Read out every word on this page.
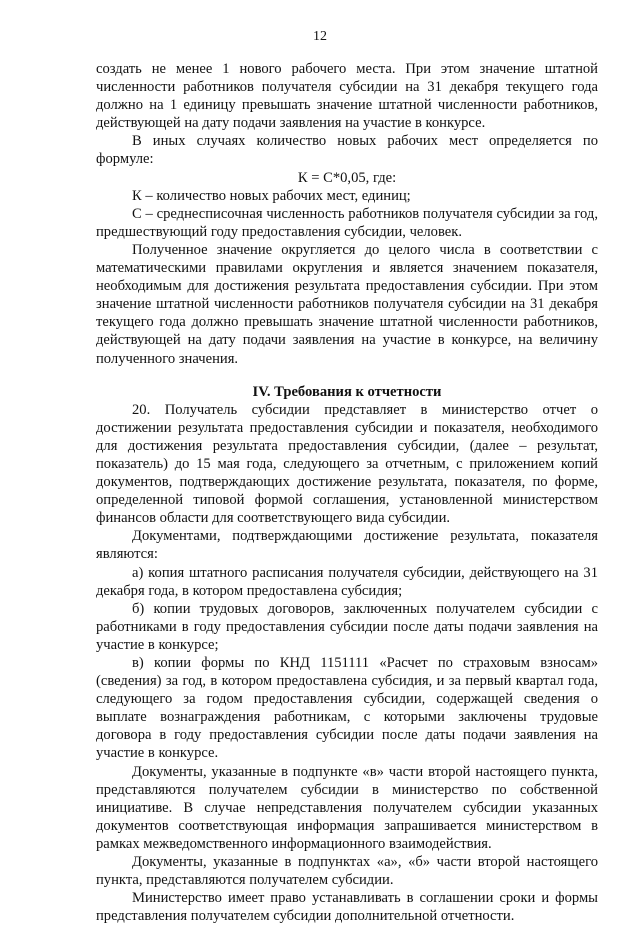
12

создать не менее 1 нового рабочего места. При этом значение штатной численности работников получателя субсидии на 31 декабря текущего года должно на 1 единицу превышать значение штатной численности работников, действующей на дату подачи заявления на участие в конкурсе.

В иных случаях количество новых рабочих мест определяется по формуле:

К = С*0,05, где:

К – количество новых рабочих мест, единиц;

С – среднесписочная численность работников получателя субсидии за год, предшествующий году предоставления субсидии, человек.

Полученное значение округляется до целого числа в соответствии с математическими правилами округления и является значением показателя, необходимым для достижения результата предоставления субсидии. При этом значение штатной численности работников получателя субсидии на 31 декабря текущего года должно превышать значение штатной численности работников, действующей на дату подачи заявления на участие в конкурсе, на величину полученного значения.

IV. Требования к отчетности

20. Получатель субсидии представляет в министерство отчет о достижении результата предоставления субсидии и показателя, необходимого для достижения результата предоставления субсидии, (далее – результат, показатель) до 15 мая года, следующего за отчетным, с приложением копий документов, подтверждающих достижение результата, показателя, по форме, определенной типовой формой соглашения, установленной министерством финансов области для соответствующего вида субсидии.

Документами, подтверждающими достижение результата, показателя являются:

а) копия штатного расписания получателя субсидии, действующего на 31 декабря года, в котором предоставлена субсидия;

б) копии трудовых договоров, заключенных получателем субсидии с работниками в году предоставления субсидии после даты подачи заявления на участие в конкурсе;

в) копии формы по КНД 1151111 «Расчет по страховым взносам» (сведения) за год, в котором предоставлена субсидия, и за первый квартал года, следующего за годом предоставления субсидии, содержащей сведения о выплате вознаграждения работникам, с которыми заключены трудовые договора в году предоставления субсидии после даты подачи заявления на участие в конкурсе.

Документы, указанные в подпункте «в» части второй настоящего пункта, представляются получателем субсидии в министерство по собственной инициативе. В случае непредставления получателем субсидии указанных документов соответствующая информация запрашивается министерством в рамках межведомственного информационного взаимодействия.

Документы, указанные в подпунктах «а», «б» части второй настоящего пункта, представляются получателем субсидии.

Министерство имеет право устанавливать в соглашении сроки и формы представления получателем субсидии дополнительной отчетности.
